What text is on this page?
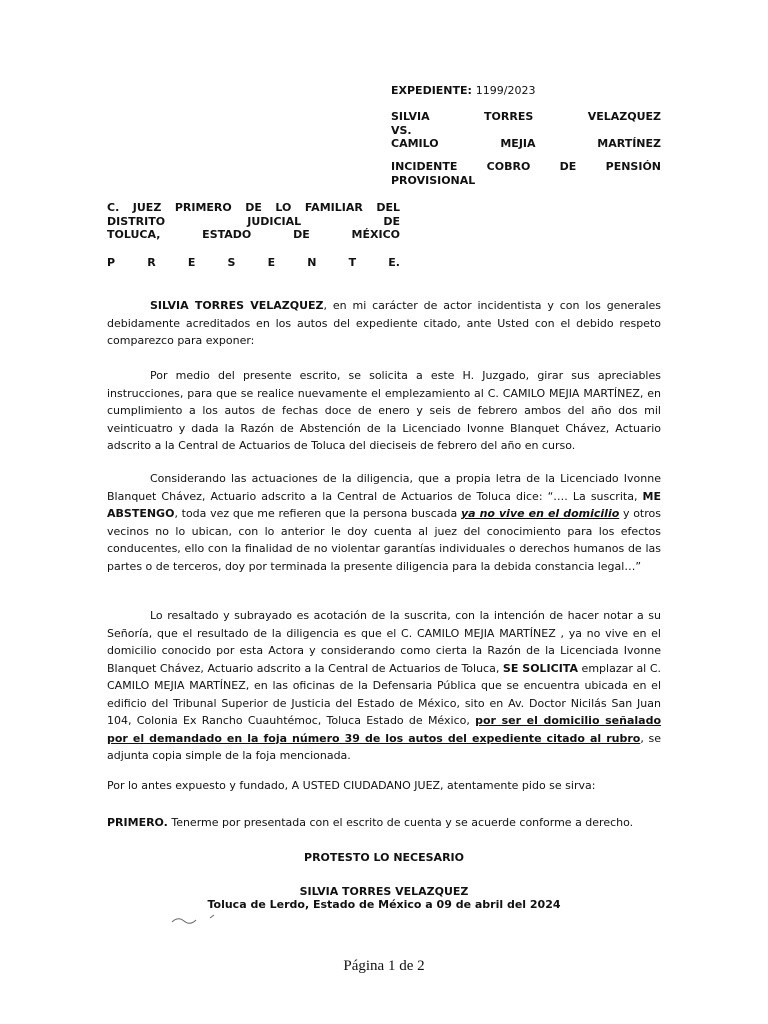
EXPEDIENTE: 1199/2023
SILVIA TORRES VELAZQUEZ
VS.
CAMILO MEJIA MARTÍNEZ
INCIDENTE COBRO DE PENSIÓN
PROVISIONAL
C. JUEZ PRIMERO DE LO FAMILIAR DEL
DISTRITO JUDICIAL DE
TOLUCA, ESTADO DE MÉXICO
P	R	E	S	E	N	T	E.

SILVIA TORRES VELAZQUEZ, en mi carácter de actor incidentista y con los generales debidamente acreditados en los autos del expediente citado, ante Usted con el debido respeto comparezco para exponer:

Por medio del presente escrito, se solicita a este H. Juzgado, girar sus apreciables instrucciones, para que se realice nuevamente el emplezamiento al C. CAMILO MEJIA MARTÍNEZ, en cumplimiento a los autos de fechas doce de enero y seis de febrero ambos del año dos mil veinticuatro y dada la Razón de Abstención de la Licenciado Ivonne Blanquet Chávez, Actuario adscrito a la Central de Actuarios de Toluca del dieciseis de febrero del año en curso.

Considerando las actuaciones de la diligencia, que a propia letra de la Licenciado Ivonne Blanquet Chávez, Actuario adscrito a la Central de Actuarios de Toluca dice: “…. La suscrita, ME ABSTENGO, toda vez que me refieren que la persona buscada ya no vive en el domicilio y otros vecinos no lo ubican, con lo anterior le doy cuenta al juez del conocimiento para los efectos conducentes, ello con la finalidad de no violentar garantías individuales o derechos humanos de las partes o de terceros, doy por terminada la presente diligencia para la debida constancia legal…”

Lo resaltado y subrayado es acotación de la suscrita, con la intención de hacer notar a su Señoría, que el resultado de la diligencia es que el C. CAMILO MEJIA MARTÍNEZ , ya no vive en el domicilio conocido por esta Actora y considerando como cierta la Razón de la Licenciada Ivonne Blanquet Chávez, Actuario adscrito a la Central de Actuarios de Toluca, SE SOLICITA emplazar al C. CAMILO MEJIA MARTÍNEZ, en las oficinas de la Defensaria Pública que se encuentra ubicada en el edificio del Tribunal Superior de Justicia del Estado de México, sito en Av. Doctor Nicilás San Juan 104, Colonia Ex Rancho Cuauhtémoc, Toluca Estado de México, por ser el domicilio señalado por el demandado en la foja número 39 de los autos del expediente citado al rubro, se adjunta copia simple de la foja mencionada.

Por lo antes expuesto y fundado, A USTED CIUDADANO JUEZ, atentamente pido se sirva:

PRIMERO. Tenerme por presentada con el escrito de cuenta y se acuerde conforme a derecho.

PROTESTO LO NECESARIO
SILVIA TORRES VELAZQUEZ
Toluca de Lerdo, Estado de México a 09 de abril del 2024
Página 1 de 2
